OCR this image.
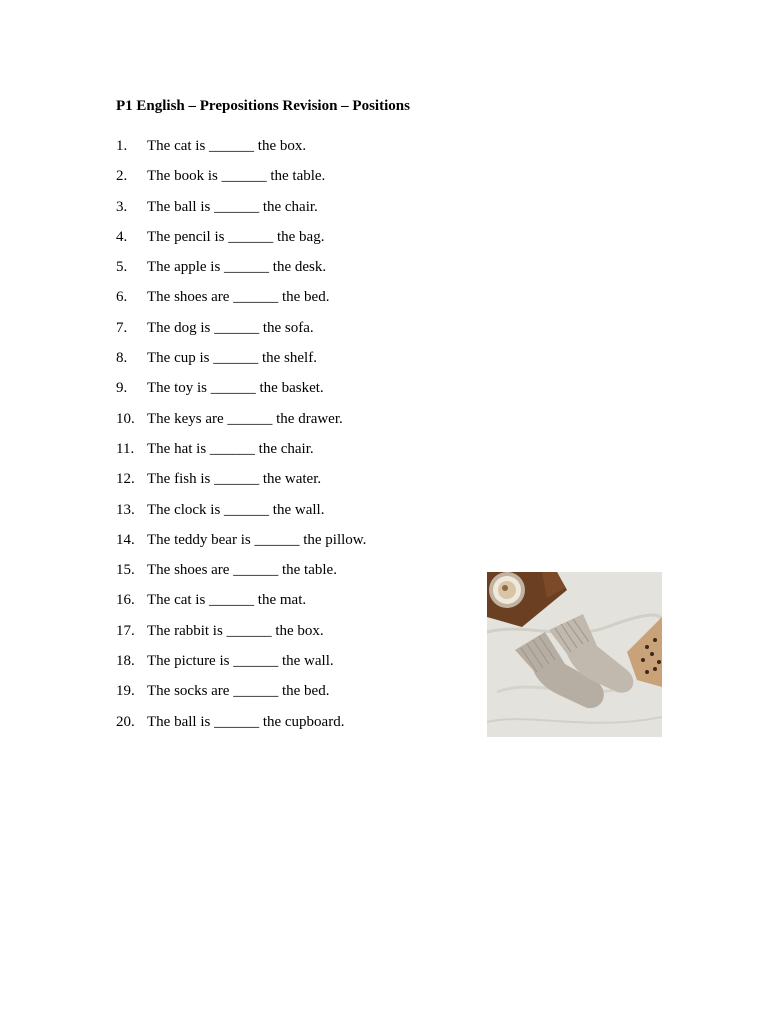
P1 English – Prepositions Revision – Positions
1.	The cat is ______ the box.
2.	The book is ______ the table.
3.	The ball is ______ the chair.
4.	The pencil is ______ the bag.
5.	The apple is ______ the desk.
6.	The shoes are ______ the bed.
7.	The dog is ______ the sofa.
8.	The cup is ______ the shelf.
9.	The toy is ______ the basket.
10. The keys are ______ the drawer.
11. The hat is ______ the chair.
12. The fish is ______ the water.
13. The clock is ______ the wall.
14. The teddy bear is ______ the pillow.
15. The shoes are ______ the table.
16. The cat is ______ the mat.
17. The rabbit is ______ the box.
18. The picture is ______ the wall.
19. The socks are ______ the bed.
20. The ball is ______ the cupboard.
